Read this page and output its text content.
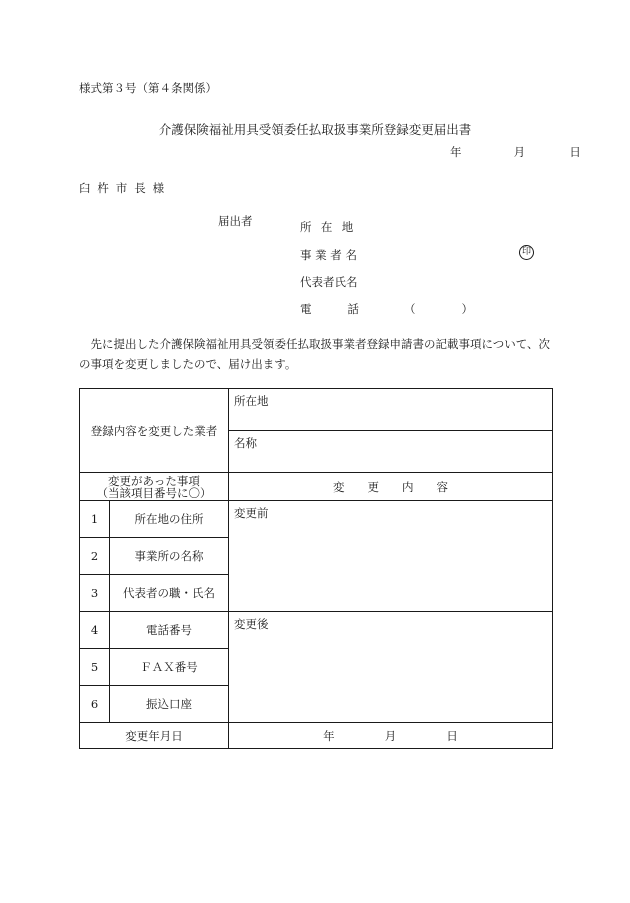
様式第３号（第４条関係）
介護保険福祉用具受領委任払取扱事業所登録変更届出書
年	月	日
臼杵市長様
届出者	所 在 地
事 業 者 名	印
代表者氏名
電 話	（　　　　）
先に提出した介護保険福祉用具受領委任払取扱事業者登録申請書の記載事項について、次の事項を変更しましたので、届け出ます。
登録内容を変更した業者		所在地
		名称
変更があった事項
（当該項目番号に〇）		変　　更　　内　　容
1	所在地の住所	変更前
2	事業所の名称	
3	代表者の職・氏名	
4	電話番号	変更後
5	ＦＡＸ番号	
6	振込口座	
変更年月日		年 月 日
